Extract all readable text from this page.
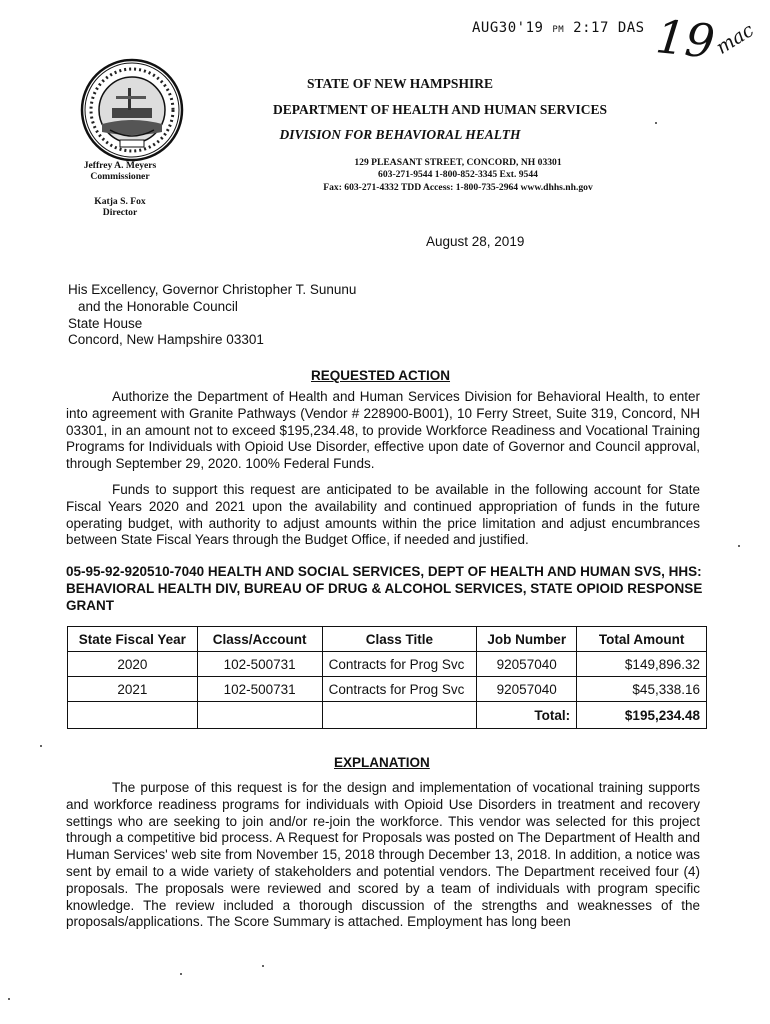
AUG30'19 PM 2:17 DAS 19
mac
Jeffrey A. Meyers
Commissioner
Katja S. Fox
Director
STATE OF NEW HAMPSHIRE
DEPARTMENT OF HEALTH AND HUMAN SERVICES
DIVISION FOR BEHAVIORAL HEALTH
129 PLEASANT STREET, CONCORD, NH 03301
603-271-9544 1-800-852-3345 Ext. 9544
Fax: 603-271-4332 TDD Access: 1-800-735-2964 www.dhhs.nh.gov
August 28, 2019
His Excellency, Governor Christopher T. Sununu
and the Honorable Council
State House
Concord, New Hampshire 03301
REQUESTED ACTION
Authorize the Department of Health and Human Services Division for Behavioral Health, to enter into agreement with Granite Pathways (Vendor # 228900-B001), 10 Ferry Street, Suite 319, Concord, NH 03301, in an amount not to exceed $195,234.48, to provide Workforce Readiness and Vocational Training Programs for Individuals with Opioid Use Disorder, effective upon date of Governor and Council approval, through September 29, 2020. 100% Federal Funds.
Funds to support this request are anticipated to be available in the following account for State Fiscal Years 2020 and 2021 upon the availability and continued appropriation of funds in the future operating budget, with authority to adjust amounts within the price limitation and adjust encumbrances between State Fiscal Years through the Budget Office, if needed and justified.
05-95-92-920510-7040 HEALTH AND SOCIAL SERVICES, DEPT OF HEALTH AND HUMAN SVS, HHS: BEHAVIORAL HEALTH DIV, BUREAU OF DRUG & ALCOHOL SERVICES, STATE OPIOID RESPONSE GRANT
State Fiscal Year	Class/Account	Class Title	Job Number	Total Amount
2020	102-500731	Contracts for Prog Svc	92057040	$149,896.32
2021	102-500731	Contracts for Prog Svc	92057040	$45,338.16
			Total:	$195,234.48
EXPLANATION
The purpose of this request is for the design and implementation of vocational training supports and workforce readiness programs for individuals with Opioid Use Disorders in treatment and recovery settings who are seeking to join and/or re-join the workforce. This vendor was selected for this project through a competitive bid process. A Request for Proposals was posted on The Department of Health and Human Services' web site from November 15, 2018 through December 13, 2018. In addition, a notice was sent by email to a wide variety of stakeholders and potential vendors. The Department received four (4) proposals. The proposals were reviewed and scored by a team of individuals with program specific knowledge. The review included a thorough discussion of the strengths and weaknesses of the proposals/applications. The Score Summary is attached. Employment has long been
